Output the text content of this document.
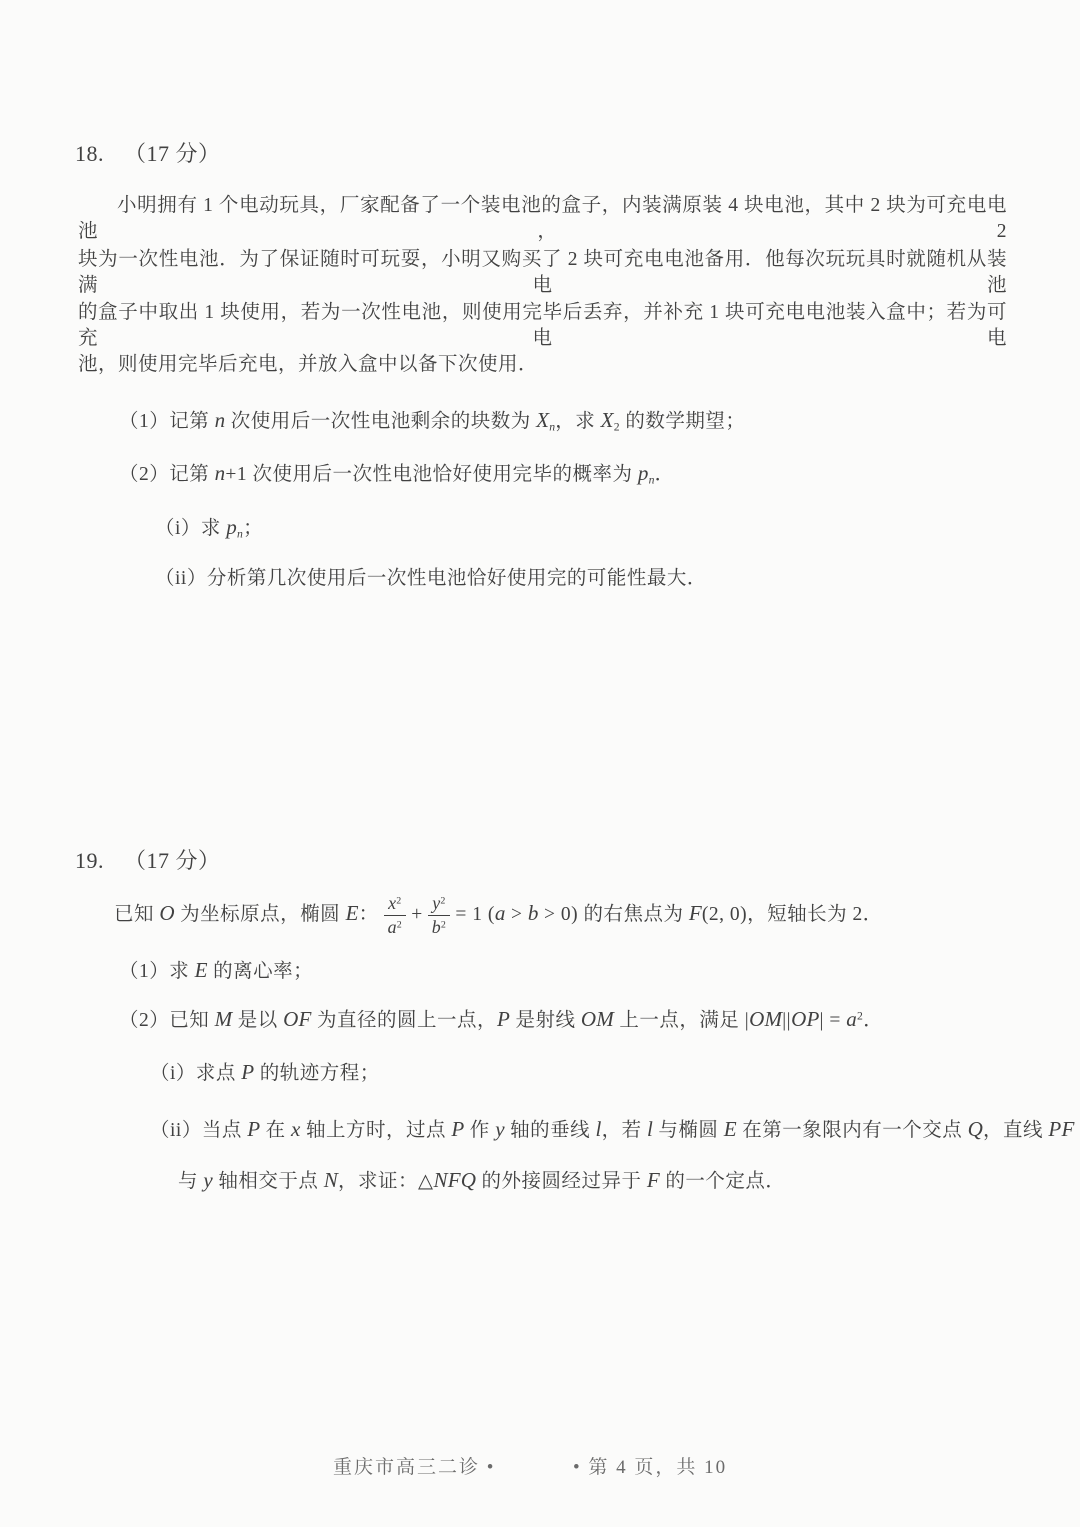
18. （17 分）
小明拥有 1 个电动玩具，厂家配备了一个装电池的盒子，内装满原装 4 块电池，其中 2 块为可充电电池，2
块为一次性电池．为了保证随时可玩耍，小明又购买了 2 块可充电电池备用．他每次玩玩具时就随机从装满电池
的盒子中取出 1 块使用，若为一次性电池，则使用完毕后丢弃，并补充 1 块可充电电池装入盒中；若为可充电电
池，则使用完毕后充电，并放入盒中以备下次使用．
（1）记第 n 次使用后一次性电池剩余的块数为 Xn，求 X2 的数学期望；
（2）记第 n+1 次使用后一次性电池恰好使用完毕的概率为 pn．
（i）求 pn；
（ii）分析第几次使用后一次性电池恰好使用完的可能性最大．
19. （17 分）
已知 O 为坐标原点，椭圆 E： $\frac{x^2}{a^2} + \frac{y^2}{b^2} = 1$ (a > b > 0) 的右焦点为 F(2, 0)，短轴长为 2．
（1）求 E 的离心率；
（2）已知 M 是以 OF 为直径的圆上一点，P 是射线 OM 上一点，满足 $|OM||OP| = a^2$．
（i）求点 P 的轨迹方程；
（ii）当点 P 在 x 轴上方时，过点 P 作 y 轴的垂线 l，若 l 与椭圆 E 在第一象限内有一个交点 Q，直线 PF
与 y 轴相交于点 N，求证：△NFQ 的外接圆经过异于 F 的一个定点．
重庆市高三二诊 •	• 第 4 页，共 10
